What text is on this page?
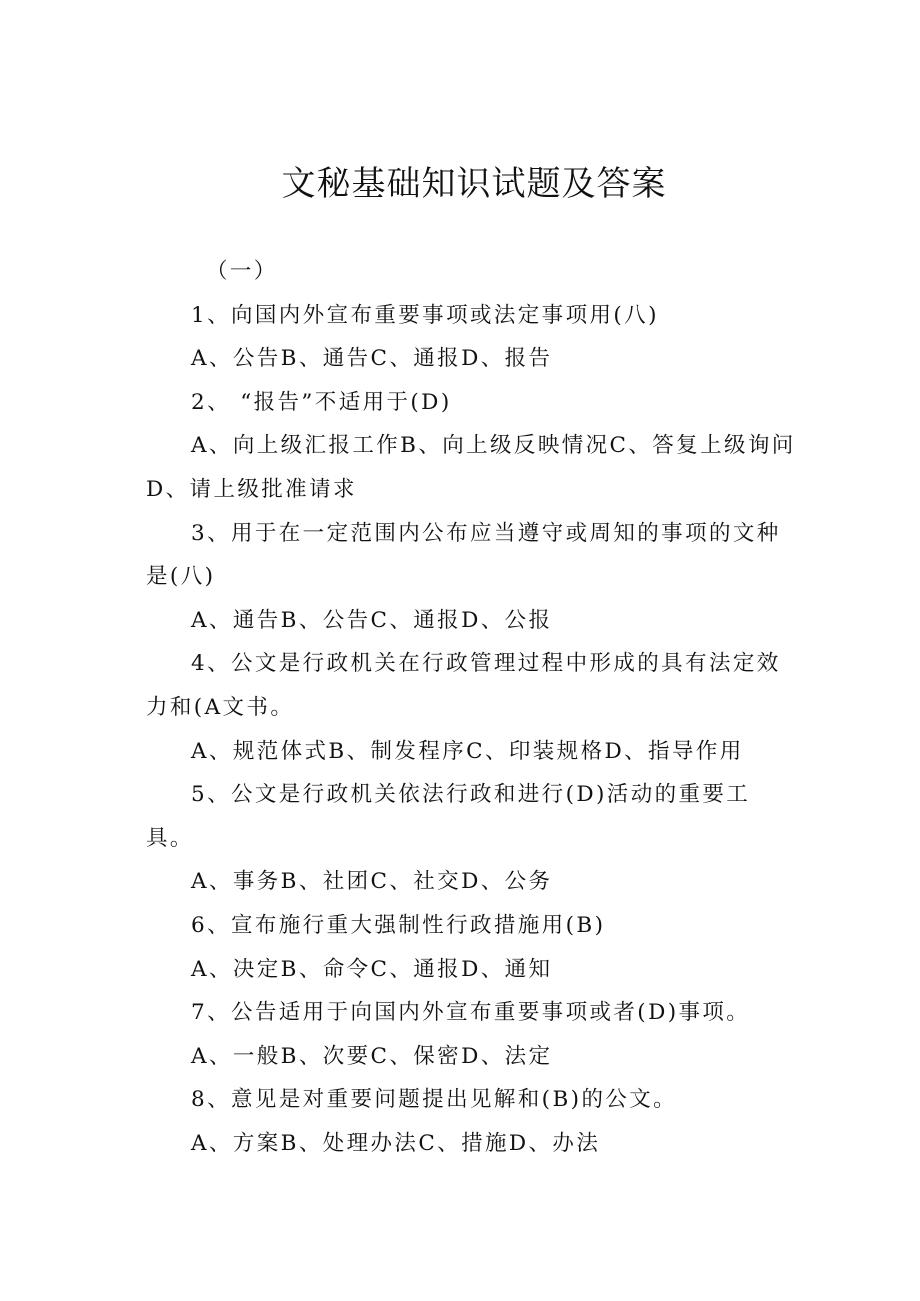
文秘基础知识试题及答案

（一）

1、向国内外宣布重要事项或法定事项用(八)

A、公告B、通告C、通报D、报告

2、 “报告”不适用于(D)

A、向上级汇报工作B、向上级反映情况C、答复上级询问D、请上级批准请求

3、用于在一定范围内公布应当遵守或周知的事项的文种是(八)

A、通告B、公告C、通报D、公报

4、公文是行政机关在行政管理过程中形成的具有法定效力和(A文书。

A、规范体式B、制发程序C、印装规格D、指导作用

5、公文是行政机关依法行政和进行(D)活动的重要工具。

A、事务B、社团C、社交D、公务

6、宣布施行重大强制性行政措施用(B)

A、决定B、命令C、通报D、通知

7、公告适用于向国内外宣布重要事项或者(D)事项。

A、一般B、次要C、保密D、法定

8、意见是对重要问题提出见解和(B)的公文。

A、方案B、处理办法C、措施D、办法
